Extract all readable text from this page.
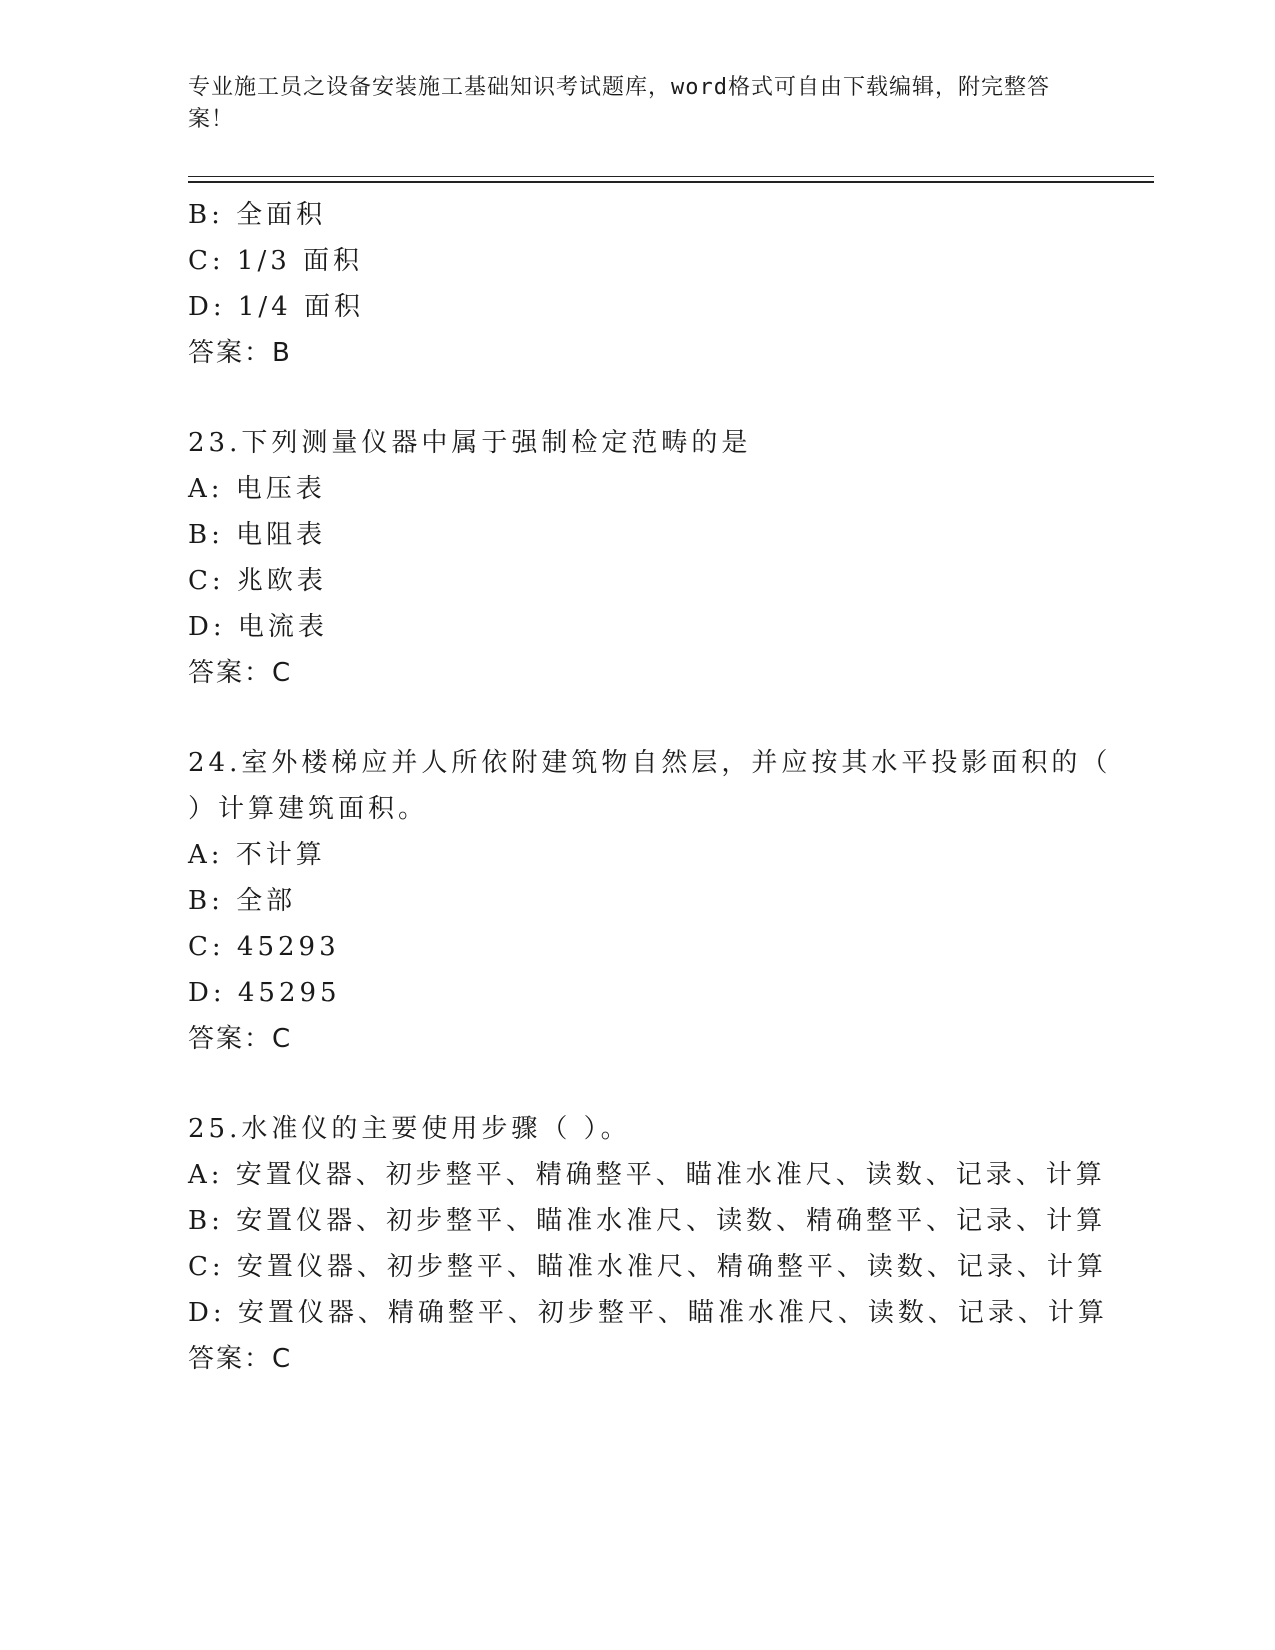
专业施工员之设备安装施工基础知识考试题库，word格式可自由下载编辑，附完整答案！
B: 全面积
C: 1/3 面积
D: 1/4 面积
答案：B
23.下列测量仪器中属于强制检定范畴的是
A: 电压表
B: 电阻表
C: 兆欧表
D: 电流表
答案：C
24.室外楼梯应并人所依附建筑物自然层，并应按其水平投影面积的（
）计算建筑面积。
A: 不计算
B: 全部
C: 45293
D: 45295
答案：C
25.水准仪的主要使用步骤（ ）。
A: 安置仪器、初步整平、精确整平、瞄准水准尺、读数、记录、计算
B: 安置仪器、初步整平、瞄准水准尺、读数、精确整平、记录、计算
C: 安置仪器、初步整平、瞄准水准尺、精确整平、读数、记录、计算
D: 安置仪器、精确整平、初步整平、瞄准水准尺、读数、记录、计算
答案：C
